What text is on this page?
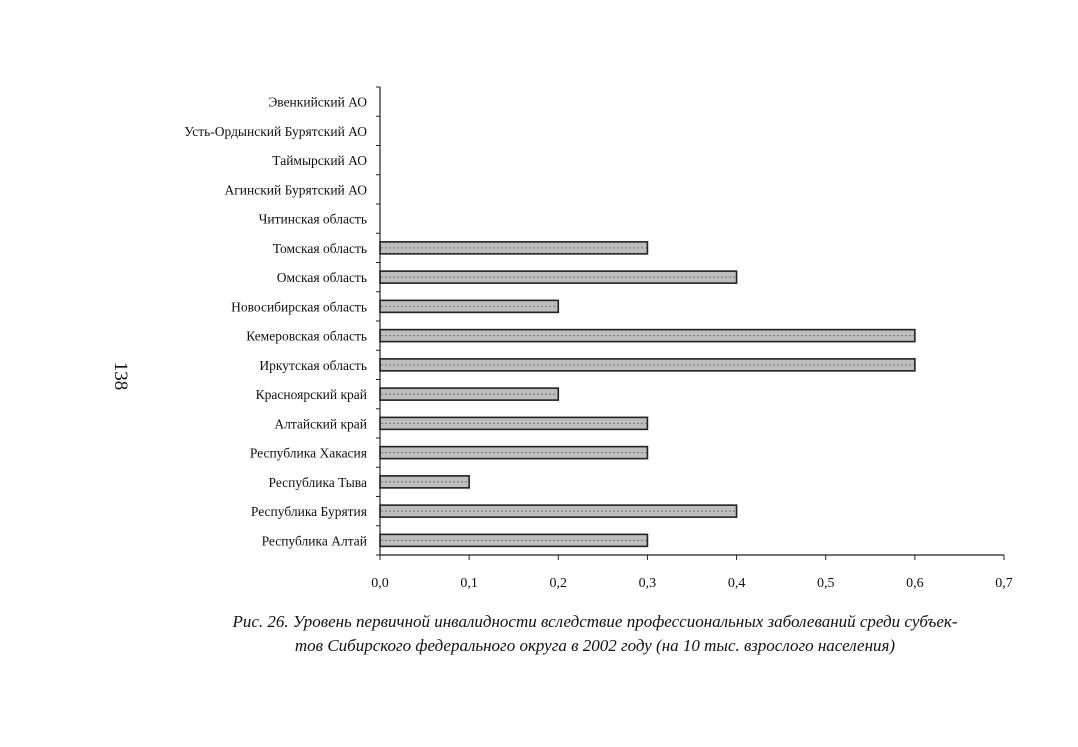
Эвенкийский АО
Усть-Ордынский Бурятский АО
Таймырский АО
Агинский Бурятский АО
Читинская область
Томская область
Омская область
Новосибирская область
Кемеровская область
Иркутская область
Красноярский край
Алтайский край
Республика Хакасия
Республика Тыва
Республика Бурятия
Республика Алтай
0,0	0,1	0,2	0,3	0,4	0,5	0,6	0,7
138
Рис. 26. Уровень первичной инвалидности вследствие профессиональных заболеваний среди субъек-
тов Сибирского федерального округа в 2002 году (на 10 тыс. взрослого населения)
